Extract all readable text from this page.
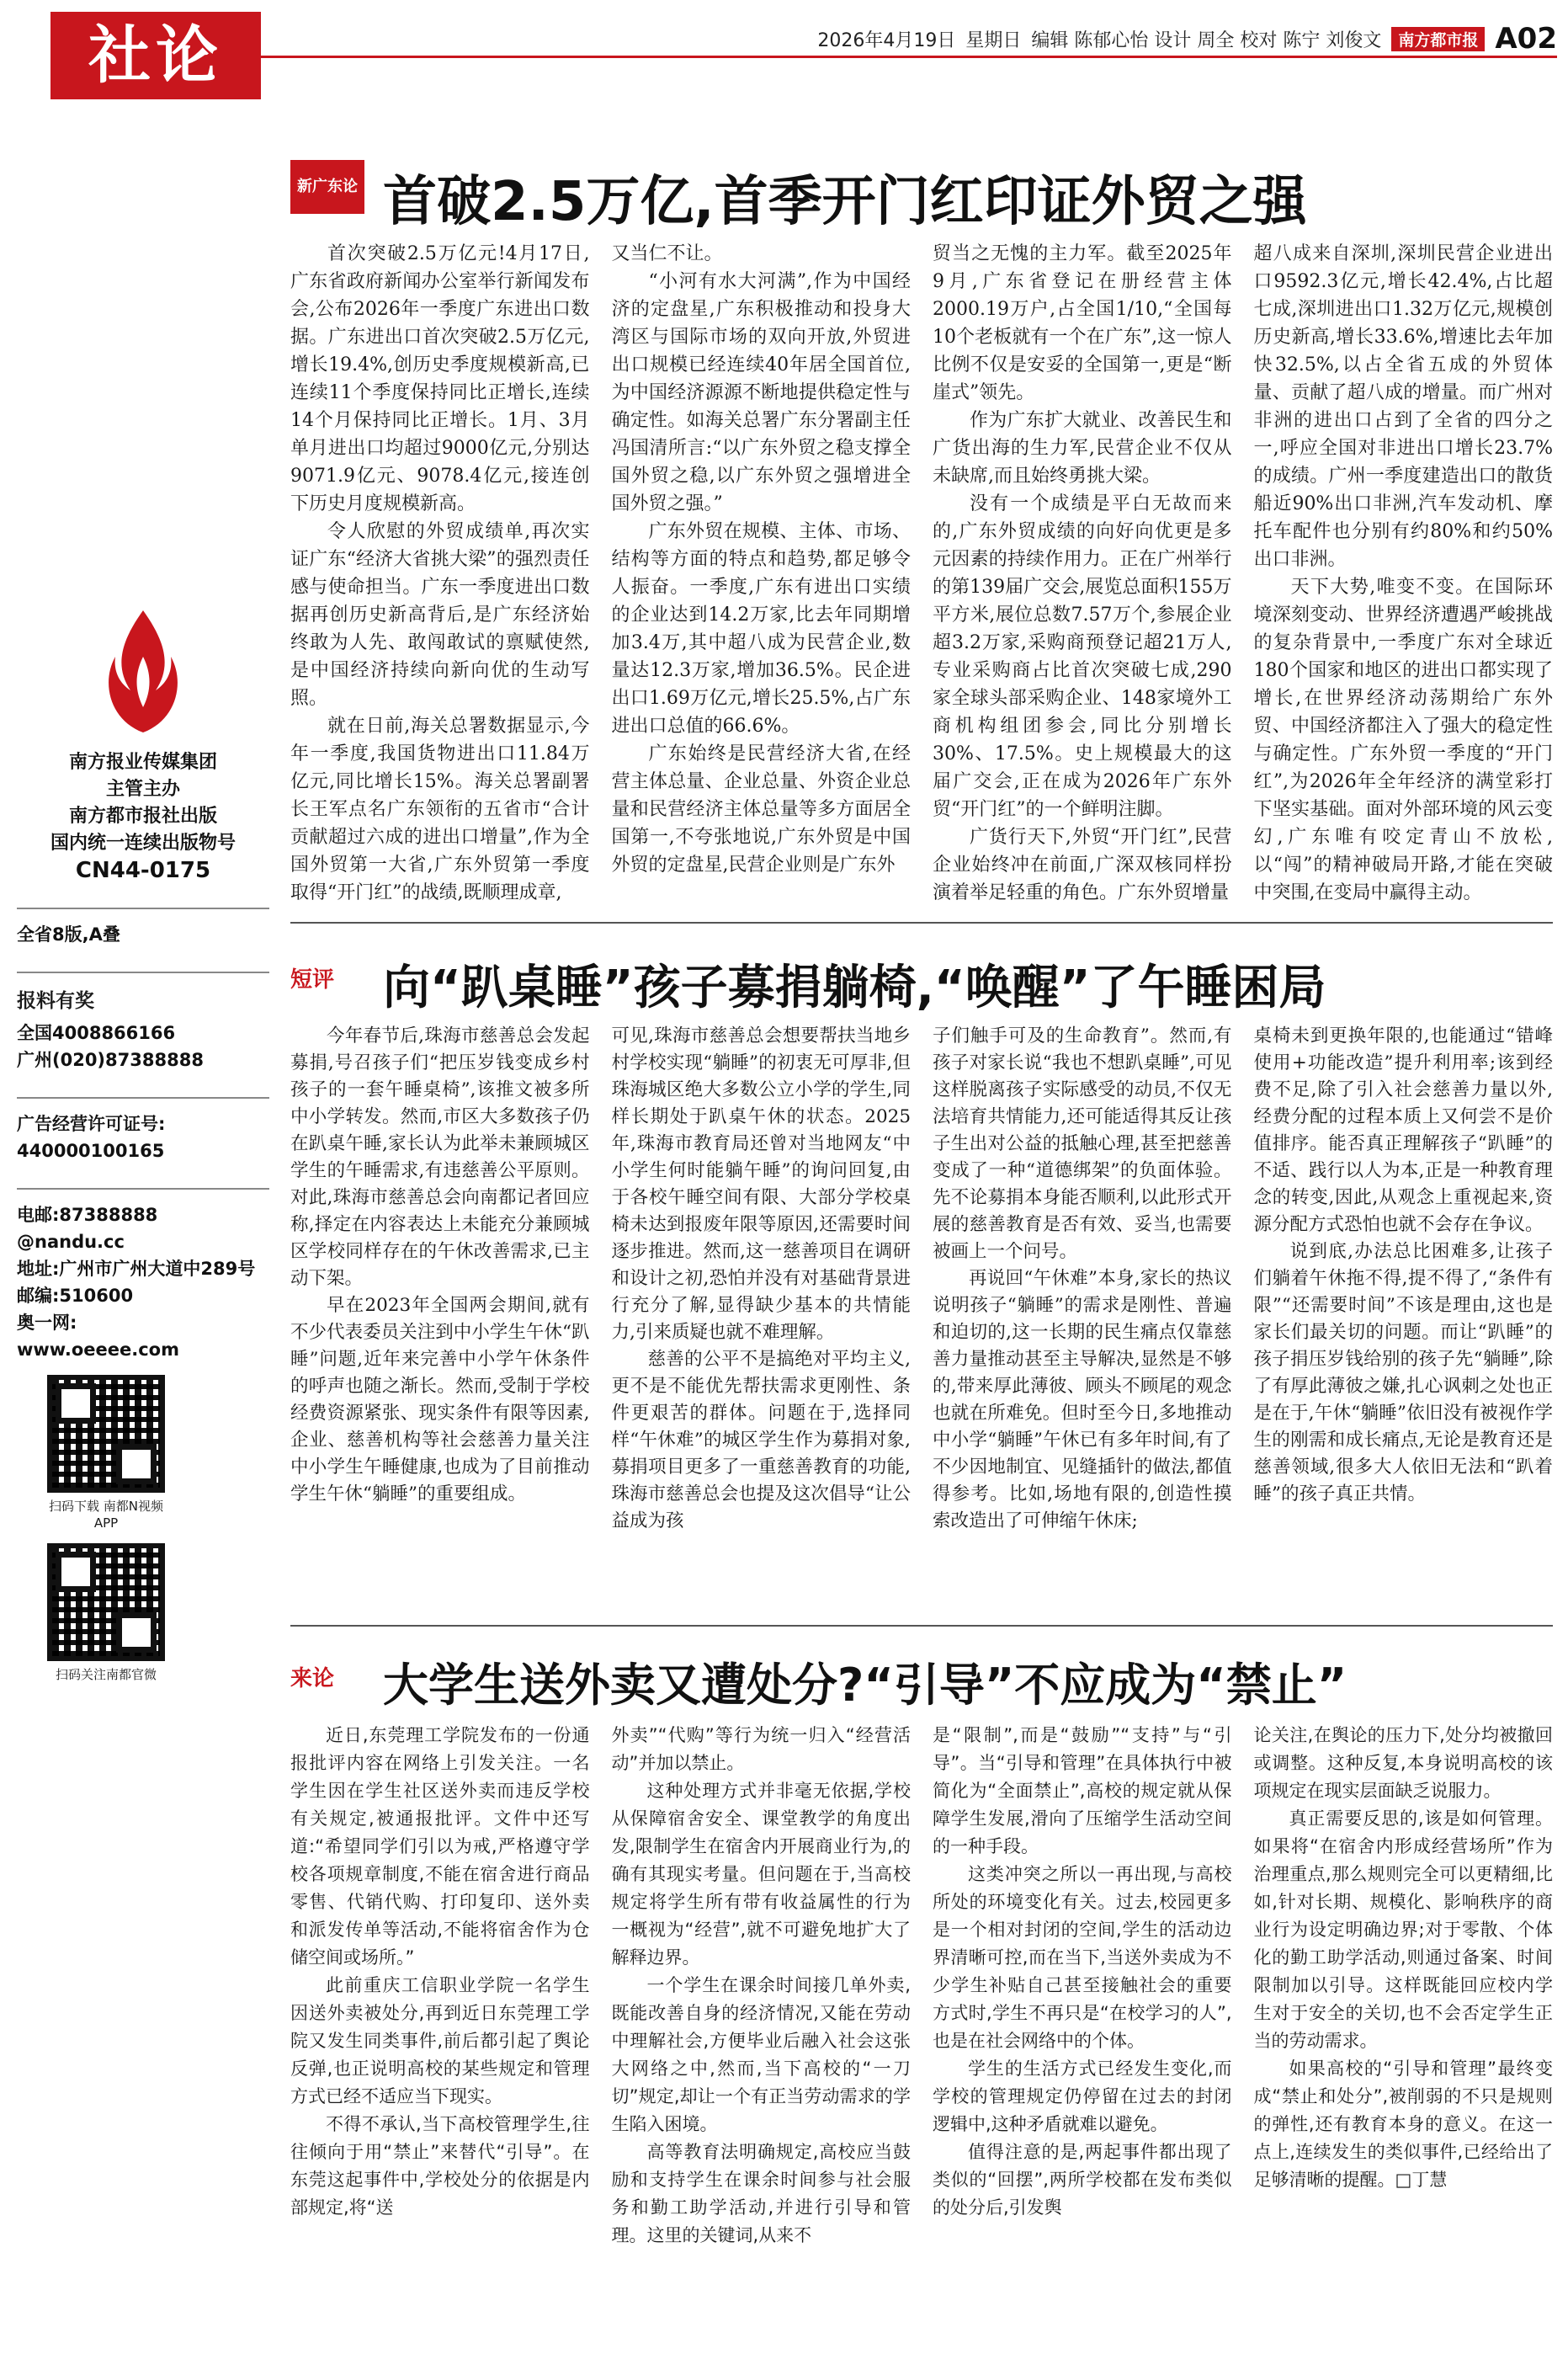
社论	2026年4月19日 星期日 编辑 陈郁心怡 设计 周全 校对 陈宁 刘俊文	南方都市报 A02
南方报业传媒集团
主管主办
南方都市报社出版
国内统一连续出版物号
CN44-0175
全省8版,A叠
报料有奖
全国4008866166
广州(020)87388888
广告经营许可证号:
440000100165
电邮:87388888
@nandu.cc
地址:广州市广州大道中289号
邮编:510600
奥一网:
www.oeeee.com
扫码下载 南都N视频APP
扫码关注南都官微
新广东论见
首破2.5万亿,首季开门红印证外贸之强

首次突破2.5万亿元!4月17日,广东省政府新闻办公室举行新闻发布会,公布2026年一季度广东进出口数据。广东进出口首次突破2.5万亿元,增长19.4%,创历史季度规模新高,已连续11个季度保持同比正增长,连续14个月保持同比正增长。1月、3月单月进出口均超过9000亿元,分别达9071.9亿元、9078.4亿元,接连创下历史月度规模新高。

令人欣慰的外贸成绩单,再次实证广东“经济大省挑大梁”的强烈责任感与使命担当。广东一季度进出口数据再创历史新高背后,是广东经济始终敢为人先、敢闯敢试的禀赋使然,是中国经济持续向新向优的生动写照。

就在日前,海关总署数据显示,今年一季度,我国货物进出口11.84万亿元,同比增长15%。海关总署副署长王军点名广东领衔的五省市“合计贡献超过六成的进出口增量”,作为全国外贸第一大省,广东外贸第一季度取得“开门红”的战绩,既顺理成章,

又当仁不让。

“小河有水大河满”,作为中国经济的定盘星,广东积极推动和投身大湾区与国际市场的双向开放,外贸进出口规模已经连续40年居全国首位,为中国经济源源不断地提供稳定性与确定性。如海关总署广东分署副主任冯国清所言:“以广东外贸之稳支撑全国外贸之稳,以广东外贸之强增进全国外贸之强。”

广东外贸在规模、主体、市场、结构等方面的特点和趋势,都足够令人振奋。一季度,广东有进出口实绩的企业达到14.2万家,比去年同期增加3.4万,其中超八成为民营企业,数量达12.3万家,增加36.5%。民企进出口1.69万亿元,增长25.5%,占广东进出口总值的66.6%。

广东始终是民营经济大省,在经营主体总量、企业总量、外资企业总量和民营经济主体总量等多方面居全国第一,不夸张地说,广东外贸是中国外贸的定盘星,民营企业则是广东外

贸当之无愧的主力军。截至2025年9月,广东省登记在册经营主体2000.19万户,占全国1/10,“全国每10个老板就有一个在广东”,这一惊人比例不仅是安妥的全国第一,更是“断崖式”领先。

作为广东扩大就业、改善民生和广货出海的生力军,民营企业不仅从未缺席,而且始终勇挑大梁。

没有一个成绩是平白无故而来的,广东外贸成绩的向好向优更是多元因素的持续作用力。正在广州举行的第139届广交会,展览总面积155万平方米,展位总数7.57万个,参展企业超3.2万家,采购商预登记超21万人,专业采购商占比首次突破七成,290家全球头部采购企业、148家境外工商机构组团参会,同比分别增长30%、17.5%。史上规模最大的这届广交会,正在成为2026年广东外贸“开门红”的一个鲜明注脚。

广货行天下,外贸“开门红”,民营企业始终冲在前面,广深双核同样扮演着举足轻重的角色。广东外贸增量

超八成来自深圳,深圳民营企业进出口9592.3亿元,增长42.4%,占比超七成,深圳进出口1.32万亿元,规模创历史新高,增长33.6%,增速比去年加快32.5%,以占全省五成的外贸体量、贡献了超八成的增量。而广州对非洲的进出口占到了全省的四分之一,呼应全国对非进出口增长23.7%的成绩。广州一季度建造出口的散货船近90%出口非洲,汽车发动机、摩托车配件也分别有约80%和约50%出口非洲。

天下大势,唯变不变。在国际环境深刻变动、世界经济遭遇严峻挑战的复杂背景中,一季度广东对全球近180个国家和地区的进出口都实现了增长,在世界经济动荡期给广东外贸、中国经济都注入了强大的稳定性与确定性。广东外贸一季度的“开门红”,为2026年全年经济的满堂彩打下坚实基础。面对外部环境的风云变幻,广东唯有咬定青山不放松,以“闯”的精神破局开路,才能在突破中突围,在变局中赢得主动。

短评 向“趴桌睡”孩子募捐躺椅,“唤醒”了午睡困局

今年春节后,珠海市慈善总会发起募捐,号召孩子们“把压岁钱变成乡村孩子的一套午睡桌椅”,该推文被多所中小学转发。然而,市区大多数孩子仍在趴桌午睡,家长认为此举未兼顾城区学生的午睡需求,有违慈善公平原则。对此,珠海市慈善总会向南都记者回应称,择定在内容表达上未能充分兼顾城区学校同样存在的午休改善需求,已主动下架。

早在2023年全国两会期间,就有不少代表委员关注到中小学生午休“趴睡”问题,近年来完善中小学午休条件的呼声也随之渐长。然而,受制于学校经费资源紧张、现实条件有限等因素,企业、慈善机构等社会慈善力量关注中小学生午睡健康,也成为了目前推动学生午休“躺睡”的重要组成。

可见,珠海市慈善总会想要帮扶当地乡村学校实现“躺睡”的初衷无可厚非,但珠海城区绝大多数公立小学的学生,同样长期处于趴桌午休的状态。2025年,珠海市教育局还曾对当地网友“中小学生何时能躺午睡”的询问回复,由于各校午睡空间有限、大部分学校桌椅未达到报废年限等原因,还需要时间逐步推进。然而,这一慈善项目在调研和设计之初,恐怕并没有对基础背景进行充分了解,显得缺少基本的共情能力,引来质疑也就不难理解。

慈善的公平不是搞绝对平均主义,更不是不能优先帮扶需求更刚性、条件更艰苦的群体。问题在于,选择同样“午休难”的城区学生作为募捐对象,募捐项目更多了一重慈善教育的功能,珠海市慈善总会也提及这次倡导“让公益成为孩

子们触手可及的生命教育”。然而,有孩子对家长说“我也不想趴桌睡”,可见这样脱离孩子实际感受的动员,不仅无法培育共情能力,还可能适得其反让孩子生出对公益的抵触心理,甚至把慈善变成了一种“道德绑架”的负面体验。先不论募捐本身能否顺利,以此形式开展的慈善教育是否有效、妥当,也需要被画上一个问号。

再说回“午休难”本身,家长的热议说明孩子“躺睡”的需求是刚性、普遍和迫切的,这一长期的民生痛点仅靠慈善力量推动甚至主导解决,显然是不够的,带来厚此薄彼、顾头不顾尾的观念也就在所难免。但时至今日,多地推动中小学“躺睡”午休已有多年时间,有了不少因地制宜、见缝插针的做法,都值得参考。比如,场地有限的,创造性摸索改造出了可伸缩午休床;

桌椅未到更换年限的,也能通过“错峰使用+功能改造”提升利用率;该到经费不足,除了引入社会慈善力量以外,经费分配的过程本质上又何尝不是价值排序。能否真正理解孩子“趴睡”的不适、践行以人为本,正是一种教育理念的转变,因此,从观念上重视起来,资源分配方式恐怕也就不会存在争议。

说到底,办法总比困难多,让孩子们躺着午休拖不得,提不得了,“条件有限”“还需要时间”不该是理由,这也是家长们最关切的问题。而让“趴睡”的孩子捐压岁钱给别的孩子先“躺睡”,除了有厚此薄彼之嫌,扎心讽刺之处也正是在于,午休“躺睡”依旧没有被视作学生的刚需和成长痛点,无论是教育还是慈善领域,很多大人依旧无法和“趴着睡”的孩子真正共情。

来论 大学生送外卖又遭处分?“引导”不应成为“禁止”

近日,东莞理工学院发布的一份通报批评内容在网络上引发关注。一名学生因在学生社区送外卖而违反学校有关规定,被通报批评。文件中还写道:“希望同学们引以为戒,严格遵守学校各项规章制度,不能在宿舍进行商品零售、代销代购、打印复印、送外卖和派发传单等活动,不能将宿舍作为仓储空间或场所。”

此前重庆工信职业学院一名学生因送外卖被处分,再到近日东莞理工学院又发生同类事件,前后都引起了舆论反弹,也正说明高校的某些规定和管理方式已经不适应当下现实。

不得不承认,当下高校管理学生,往往倾向于用“禁止”来替代“引导”。在东莞这起事件中,学校处分的依据是内部规定,将“送

外卖”“代购”等行为统一归入“经营活动”并加以禁止。

这种处理方式并非毫无依据,学校从保障宿舍安全、课堂教学的角度出发,限制学生在宿舍内开展商业行为,的确有其现实考量。但问题在于,当高校规定将学生所有带有收益属性的行为一概视为“经营”,就不可避免地扩大了解释边界。

一个学生在课余时间接几单外卖,既能改善自身的经济情况,又能在劳动中理解社会,方便毕业后融入社会这张大网络之中,然而,当下高校的“一刀切”规定,却让一个有正当劳动需求的学生陷入困境。

高等教育法明确规定,高校应当鼓励和支持学生在课余时间参与社会服务和勤工助学活动,并进行引导和管理。这里的关键词,从来不

是“限制”,而是“鼓励”“支持”与“引导”。当“引导和管理”在具体执行中被简化为“全面禁止”,高校的规定就从保障学生发展,滑向了压缩学生活动空间的一种手段。

这类冲突之所以一再出现,与高校所处的环境变化有关。过去,校园更多是一个相对封闭的空间,学生的活动边界清晰可控,而在当下,当送外卖成为不少学生补贴自己甚至接触社会的重要方式时,学生不再只是“在校学习的人”,也是在社会网络中的个体。

学生的生活方式已经发生变化,而学校的管理规定仍停留在过去的封闭逻辑中,这种矛盾就难以避免。

值得注意的是,两起事件都出现了类似的“回摆”,两所学校都在发布类似的处分后,引发舆

论关注,在舆论的压力下,处分均被撤回或调整。这种反复,本身说明高校的该项规定在现实层面缺乏说服力。

真正需要反思的,该是如何管理。如果将“在宿舍内形成经营场所”作为治理重点,那么规则完全可以更精细,比如,针对长期、规模化、影响秩序的商业行为设定明确边界;对于零散、个体化的勤工助学活动,则通过备案、时间限制加以引导。这样既能回应校内学生对于安全的关切,也不会否定学生正当的劳动需求。

如果高校的“引导和管理”最终变成“禁止和处分”,被削弱的不只是规则的弹性,还有教育本身的意义。在这一点上,连续发生的类似事件,已经给出了足够清晰的提醒。□丁慧
